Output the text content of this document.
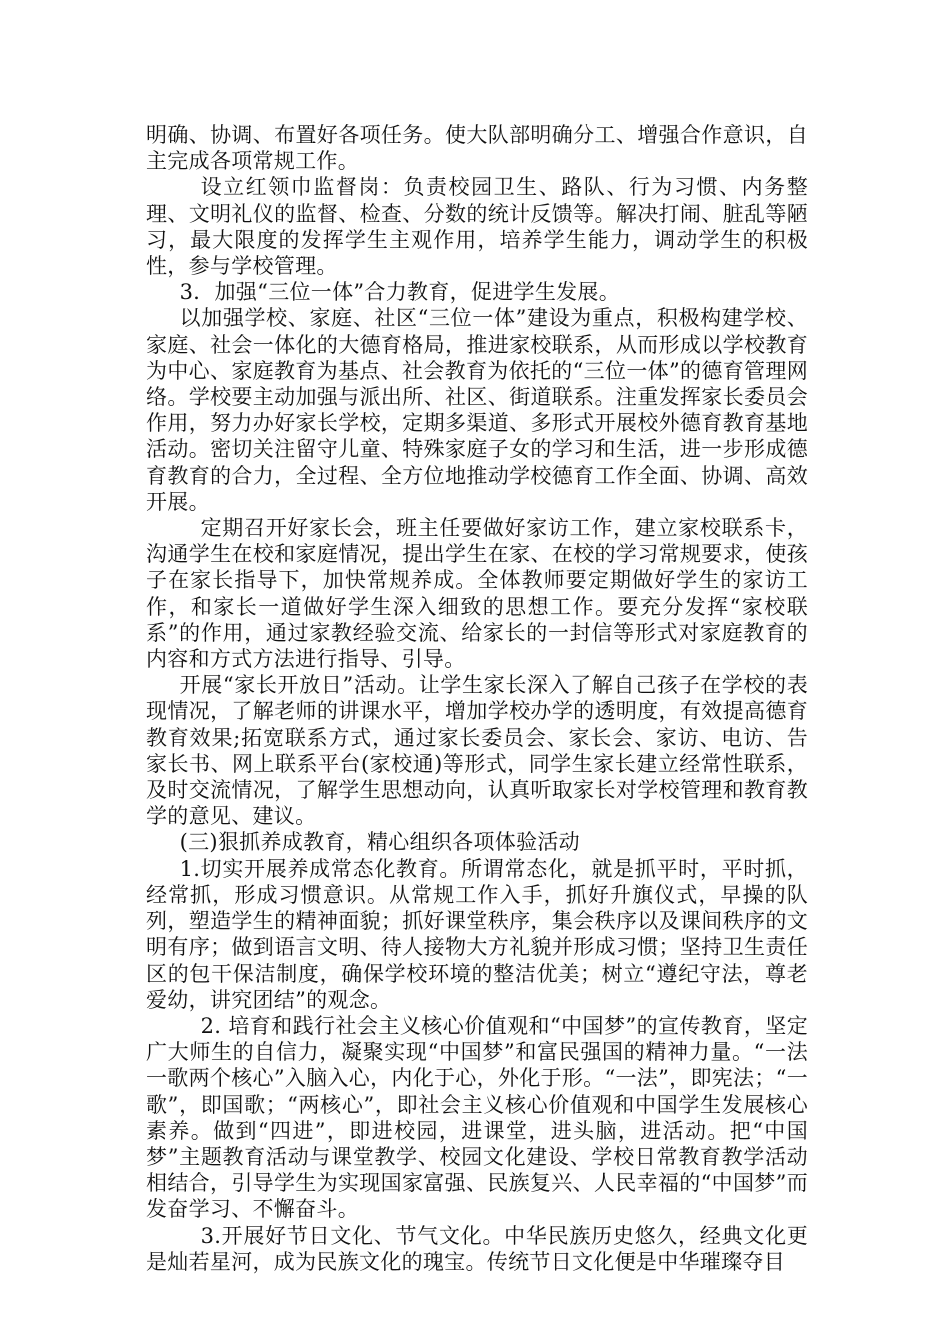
明确、协调、布置好各项任务。使大队部明确分工、增强合作意识，自主完成各项常规工作。

设立红领巾监督岗：负责校园卫生、路队、行为习惯、内务整理、文明礼仪的监督、检查、分数的统计反馈等。解决打闹、脏乱等陋习，最大限度的发挥学生主观作用，培养学生能力，调动学生的积极性，参与学校管理。

3．加强“三位一体”合力教育，促进学生发展。

以加强学校、家庭、社区“三位一体”建设为重点，积极构建学校、家庭、社会一体化的大德育格局，推进家校联系，从而形成以学校教育为中心、家庭教育为基点、社会教育为依托的“三位一体”的德育管理网络。学校要主动加强与派出所、社区、街道联系。注重发挥家长委员会作用，努力办好家长学校，定期多渠道、多形式开展校外德育教育基地活动。密切关注留守儿童、特殊家庭子女的学习和生活，进一步形成德育教育的合力，全过程、全方位地推动学校德育工作全面、协调、高效开展。

定期召开好家长会，班主任要做好家访工作，建立家校联系卡，沟通学生在校和家庭情况，提出学生在家、在校的学习常规要求，使孩子在家长指导下，加快常规养成。全体教师要定期做好学生的家访工作，和家长一道做好学生深入细致的思想工作。要充分发挥“家校联系”的作用，通过家教经验交流、给家长的一封信等形式对家庭教育的内容和方式方法进行指导、引导。

开展“家长开放日”活动。让学生家长深入了解自己孩子在学校的表现情况，了解老师的讲课水平，增加学校办学的透明度，有效提高德育教育效果;拓宽联系方式，通过家长委员会、家长会、家访、电访、告家长书、网上联系平台(家校通)等形式，同学生家长建立经常性联系，及时交流情况，了解学生思想动向，认真听取家长对学校管理和教育教学的意见、建议。

(三)狠抓养成教育，精心组织各项体验活动

1.切实开展养成常态化教育。所谓常态化，就是抓平时，平时抓，经常抓，形成习惯意识。从常规工作入手，抓好升旗仪式，早操的队列，塑造学生的精神面貌；抓好课堂秩序，集会秩序以及课间秩序的文明有序；做到语言文明、待人接物大方礼貌并形成习惯；坚持卫生责任区的包干保洁制度，确保学校环境的整洁优美；树立“遵纪守法，尊老爱幼，讲究团结”的观念。

2. 培育和践行社会主义核心价值观和“中国梦”的宣传教育，坚定广大师生的自信力，凝聚实现“中国梦”和富民强国的精神力量。“一法一歌两个核心”入脑入心，内化于心，外化于形。“一法”，即宪法；“一歌”，即国歌；“两核心”，即社会主义核心价值观和中国学生发展核心素养。做到“四进”，即进校园，进课堂，进头脑，进活动。把“中国梦”主题教育活动与课堂教学、校园文化建设、学校日常教育教学活动相结合，引导学生为实现国家富强、民族复兴、人民幸福的“中国梦”而发奋学习、不懈奋斗。

3.开展好节日文化、节气文化。中华民族历史悠久，经典文化更是灿若星河，成为民族文化的瑰宝。传统节日文化便是中华璀璨夺目
